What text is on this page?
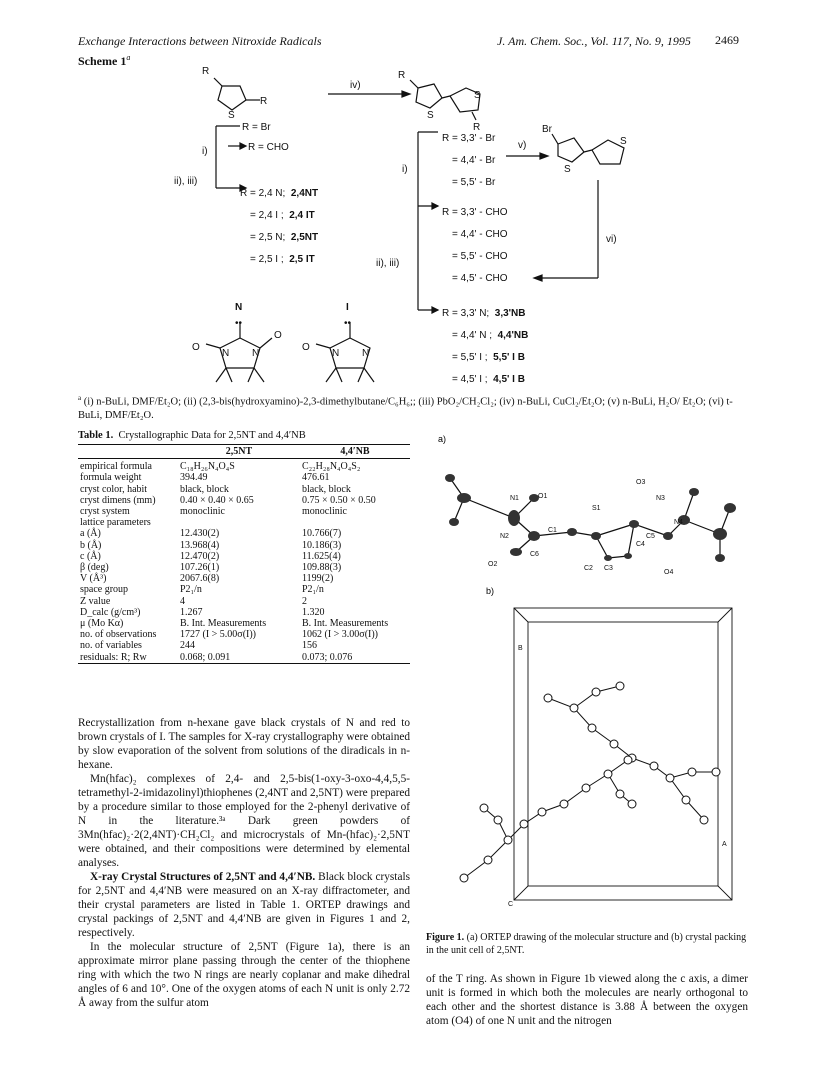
Exchange Interactions between Nitroxide Radicals	J. Am. Chem. Soc., Vol. 117, No. 9, 1995 2469
Scheme 1$^a$
R
R
S
iv)
R
S
S
R
i)
R = Br
R = CHO
ii), iii)
N
••
I
••
O
N N
O
O
N N
i)
v)
Br
S
S
ii), iii)
vi)
R = 2,4 N; 2,4NT
= 2,4 I ; 2,4 IT
= 2,5 N; 2,5NT
= 2,5 I ; 2,5 IT
R = 3,3' - Br
= 4,4' - Br
= 5,5' - Br
R = 3,3' - CHO
= 4,4' - CHO
= 5,5' - CHO
= 4,5' - CHO
R = 3,3' N; 3,3'NB
= 4,4' N ; 4,4'NB
= 5,5' I ; 5,5' I B
= 4,5' I ; 4,5' I B
$^a$ (i) n-BuLi, DMF/Et₂O; (ii) (2,3-bis(hydroxyamino)-2,3-dimethylbutane/C₆H₆;; (iii) PbO₂/CH₂Cl₂; (iv) n-BuLi, CuCl₂/Et₂O; (v) n-BuLi, H₂O/ Et₂O; (vi) t-BuLi, DMF/Et₂O.
Table 1. Crystallographic Data for 2,5NT and 4,4′NB
	2,5NT	4,4′NB
empirical formula	C₁₈H₂₆N₄O₄S	C₂₂H₂₈N₄O₄S₂
formula weight	394.49	476.61
cryst color, habit	black, block	black, block
cryst dimens (mm)	0.40 × 0.40 × 0.65	0.75 × 0.50 × 0.50
cryst system	monoclinic	monoclinic
lattice parameters		
a (Å)	12.430(2)	10.766(7)
b (Å)	13.968(4)	10.186(3)
c (Å)	12.470(2)	11.625(4)
β (deg)	107.26(1)	109.88(3)
V (Å³)	2067.6(8)	1199(2)
space group	P2₁/n	P2₁/n
Z value	4	2
D_calc (g/cm³)	1.267	1.320
μ (Mo Kα)	B. Int. Measurements	B. Int. Measurements
no. of observations	1727 (I > 5.00σ(I))	1062 (I > 3.00σ(I))
no. of variables	244	156
residuals: R; Rw	0.068; 0.091	0.073; 0.076
a)
O3
N3
N1	O1
S1
N2
C1
C6
C4
C5
N4
O2
C2 C3
O4
b)
B
A
C
Figure 1. (a) ORTEP drawing of the molecular structure and (b) crystal packing in the unit cell of 2,5NT.

Recrystallization from n-hexane gave black crystals of N and red to brown crystals of I. The samples for X-ray crystallography were obtained by slow evaporation of the solvent from solutions of the diradicals in n-hexane.

Mn(hfac)₂ complexes of 2,4- and 2,5-bis(1-oxy-3-oxo-4,4,5,5-tetramethyl-2-imidazolinyl)thiophenes (2,4NT and 2,5NT) were prepared by a procedure similar to those employed for the 2-phenyl derivative of N in the literature.³ᵃ Dark green powders of 3Mn(hfac)₂·2(2,4NT)·CH₂Cl₂ and microcrystals of Mn-(hfac)₂·2,5NT were obtained, and their compositions were determined by elemental analyses.

X-ray Crystal Structures of 2,5NT and 4,4′NB. Black block crystals for 2,5NT and 4,4′NB were measured on an X-ray diffractometer, and their crystal parameters are listed in Table 1. ORTEP drawings and crystal packings of 2,5NT and 4,4′NB are given in Figures 1 and 2, respectively.

In the molecular structure of 2,5NT (Figure 1a), there is an approximate mirror plane passing through the center of the thiophene ring with which the two N rings are nearly coplanar and make dihedral angles of 6 and 10°. One of the oxygen atoms of each N unit is only 2.72 Å away from the sulfur atom

of the T ring. As shown in Figure 1b viewed along the c axis, a dimer unit is formed in which both the molecules are nearly orthogonal to each other and the shortest distance is 3.88 Å between the oxygen atom (O4) of one N unit and the nitrogen
